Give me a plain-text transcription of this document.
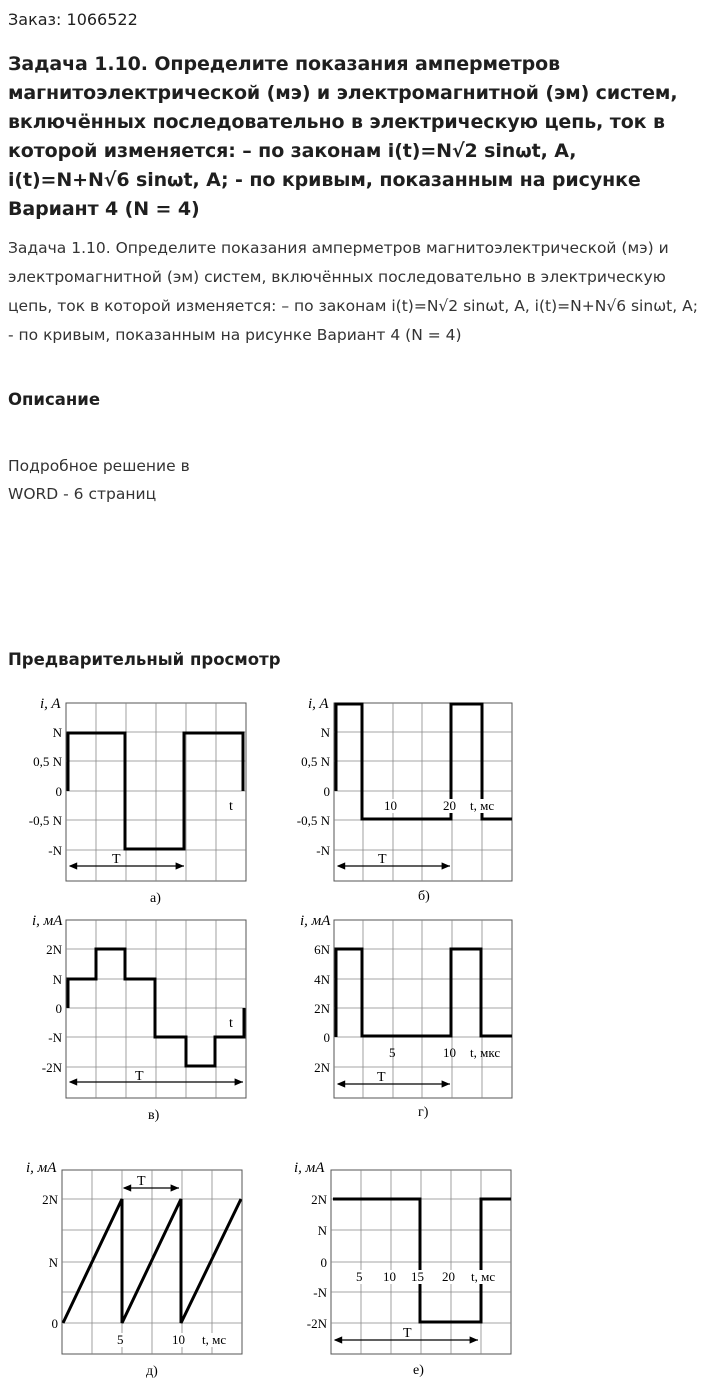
Заказ: 1066522
Задача 1.10. Определите показания амперметров магнитоэлектрической (мэ) и электромагнитной (эм) систем, включённых последовательно в электрическую цепь, ток в которой изменяется: – по законам i(t)=N√2 sinωt, A, i(t)=N+N√6 sinωt, A; - по кривым, показанным на рисунке Вариант 4 (N = 4)
Задача 1.10. Определите показания амперметров магнитоэлектрической (мэ) и электромагнитной (эм) систем, включённых последовательно в электрическую цепь, ток в которой изменяется: – по законам i(t)=N√2 sinωt, A, i(t)=N+N√6 sinωt, A; - по кривым, показанным на рисунке Вариант 4 (N = 4)
Описание
Подробное решение в
WORD - 6 страниц
Предварительный просмотр
T
i, A
N
0,5 N
0
-0,5 N
-N
t
а)
T
i, A
N
0,5 N
0
-0,5 N
-N
10	20 t, мс
б)
T
i, мА
2N
N
0
-N
-2N
t
в)
T
i, мА
6N
4N
2N
0
2N
5	10 t, мкс
г)
T
i, мА
2N
N
0
5	10 t, мс
д)
T
i, мА
2N
N
0
-N
-2N
5 10 15 20 t, мс
е)
